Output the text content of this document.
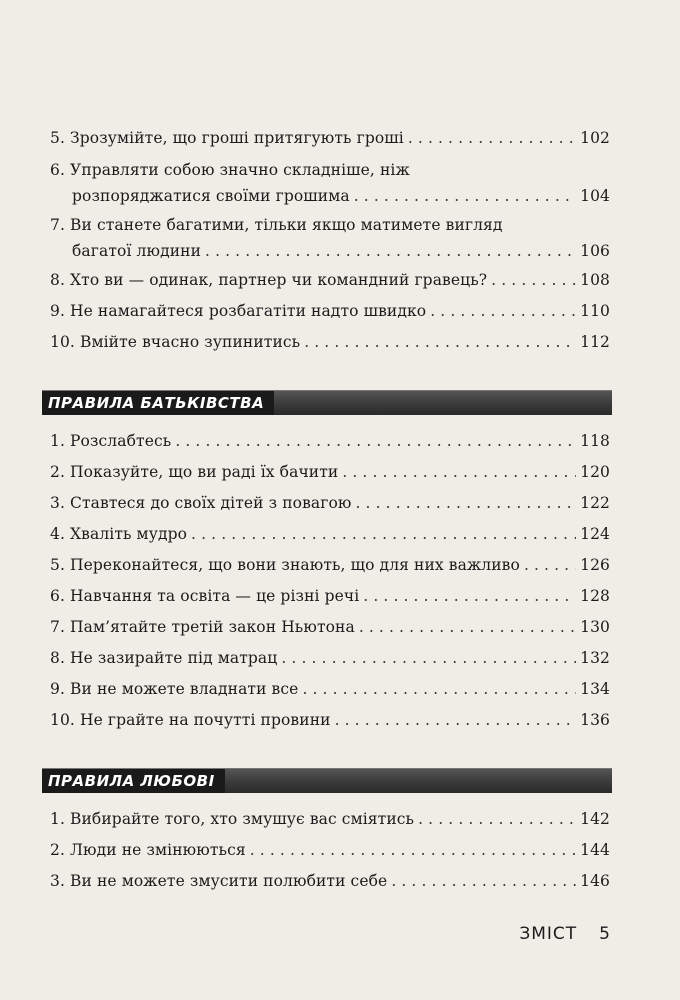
5. Зрозумійте, що гроші притягують гроші . . .	102
6. Управляти собою значно складніше, ніж
розпоряджатися своїми грошима . . .	104
7. Ви станете багатими, тільки якщо матимете вигляд
багатої людини . . .	106
8. Хто ви — одинак, партнер чи командний гравець? . . .	108
9. Не намагайтеся розбагатіти надто швидко . . .	110
10. Вмійте вчасно зупинитись . . .	112
ПРАВИЛА БАТЬКІВСТВА
1. Розслабтесь . . .	118
2. Показуйте, що ви раді їх бачити . . .	120
3. Ставтеся до своїх дітей з повагою . . .	122
4. Хваліть мудро . . .	124
5. Переконайтеся, що вони знають, що для них важливо . . .	126
6. Навчання та освіта — це різні речі . . .	128
7. Пам’ятайте третій закон Ньютона . . .	130
8. Не зазирайте під матрац . . .	132
9. Ви не можете владнати все . . .	134
10. Не грайте на почутті провини . . .	136
ПРАВИЛА ЛЮБОВІ
1. Вибирайте того, хто змушує вас сміятись . . .	142
2. Люди не змінюються . . .	144
3. Ви не можете змусити полюбити себе . . .	146
ЗМІСТ 5
